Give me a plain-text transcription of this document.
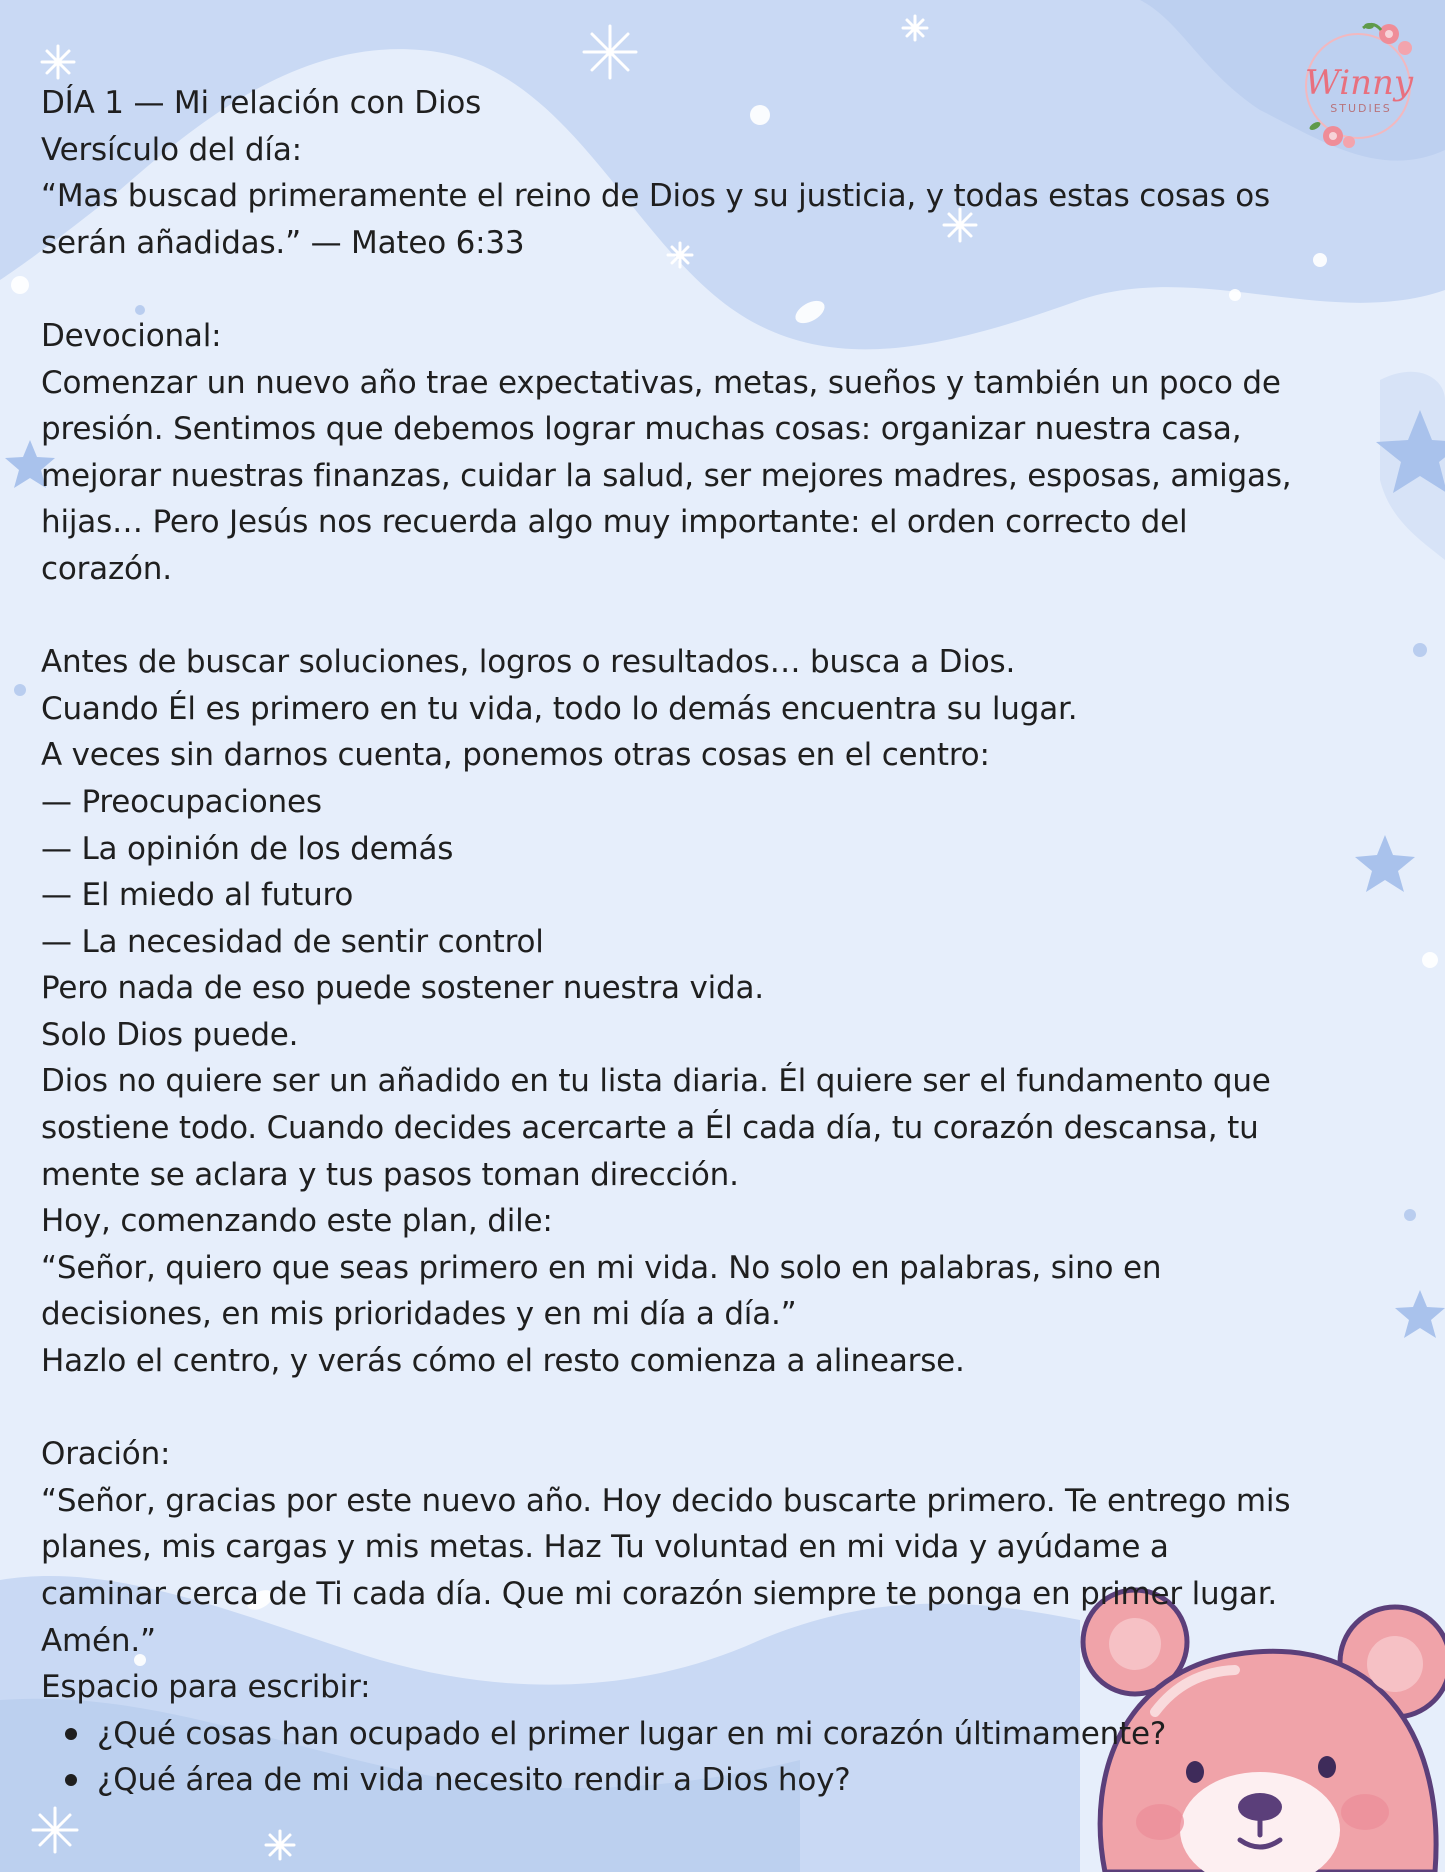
Winny
STUDIES

DÍA 1 — Mi relación con Dios

Versículo del día:

“Mas buscad primeramente el reino de Dios y su justicia, y todas estas cosas os

serán añadidas.” — Mateo 6:33

Devocional:

Comenzar un nuevo año trae expectativas, metas, sueños y también un poco de

presión. Sentimos que debemos lograr muchas cosas: organizar nuestra casa,

mejorar nuestras finanzas, cuidar la salud, ser mejores madres, esposas, amigas,

hijas… Pero Jesús nos recuerda algo muy importante: el orden correcto del

corazón.

Antes de buscar soluciones, logros o resultados… busca a Dios.

Cuando Él es primero en tu vida, todo lo demás encuentra su lugar.

A veces sin darnos cuenta, ponemos otras cosas en el centro:

— Preocupaciones

— La opinión de los demás

— El miedo al futuro

— La necesidad de sentir control

Pero nada de eso puede sostener nuestra vida.

Solo Dios puede.

Dios no quiere ser un añadido en tu lista diaria. Él quiere ser el fundamento que

sostiene todo. Cuando decides acercarte a Él cada día, tu corazón descansa, tu

mente se aclara y tus pasos toman dirección.

Hoy, comenzando este plan, dile:

“Señor, quiero que seas primero en mi vida. No solo en palabras, sino en

decisiones, en mis prioridades y en mi día a día.”

Hazlo el centro, y verás cómo el resto comienza a alinearse.

Oración:

“Señor, gracias por este nuevo año. Hoy decido buscarte primero. Te entrego mis

planes, mis cargas y mis metas. Haz Tu voluntad en mi vida y ayúdame a

caminar cerca de Ti cada día. Que mi corazón siempre te ponga en primer lugar.

Amén.”

Espacio para escribir:

¿Qué cosas han ocupado el primer lugar en mi corazón últimamente?
¿Qué área de mi vida necesito rendir a Dios hoy?
